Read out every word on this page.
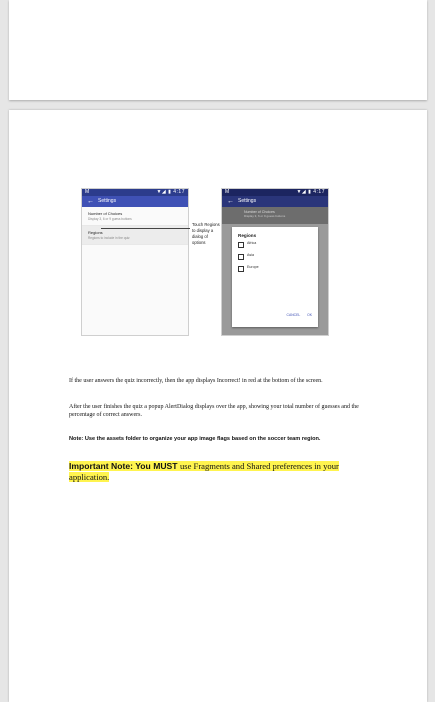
M	▼◢ ▮ 4:17
← Settings
Number of Choices
Display 3, 6 or 9 guess buttons
Regions
Regions to include in the quiz
Touch Regions to display a dialog of options
M	▼◢ ▮ 4:17
← Settings
Number of Choices
Display 3, 6 or 9 guess buttons
Regions
Africa
Asia
Europe
CANCEL OK
If the user answers the quiz incorrectly, then the app displays Incorrect! in red at the bottom of the screen.
After the user finishes the quiz a popup AlertDialog displays over the app, showing your total number of guesses and the percentage of correct answers.
Note: Use the assets folder to organize your app image flags based on the soccer team region.
Important Note: You MUST use Fragments and Shared preferences in your application.
